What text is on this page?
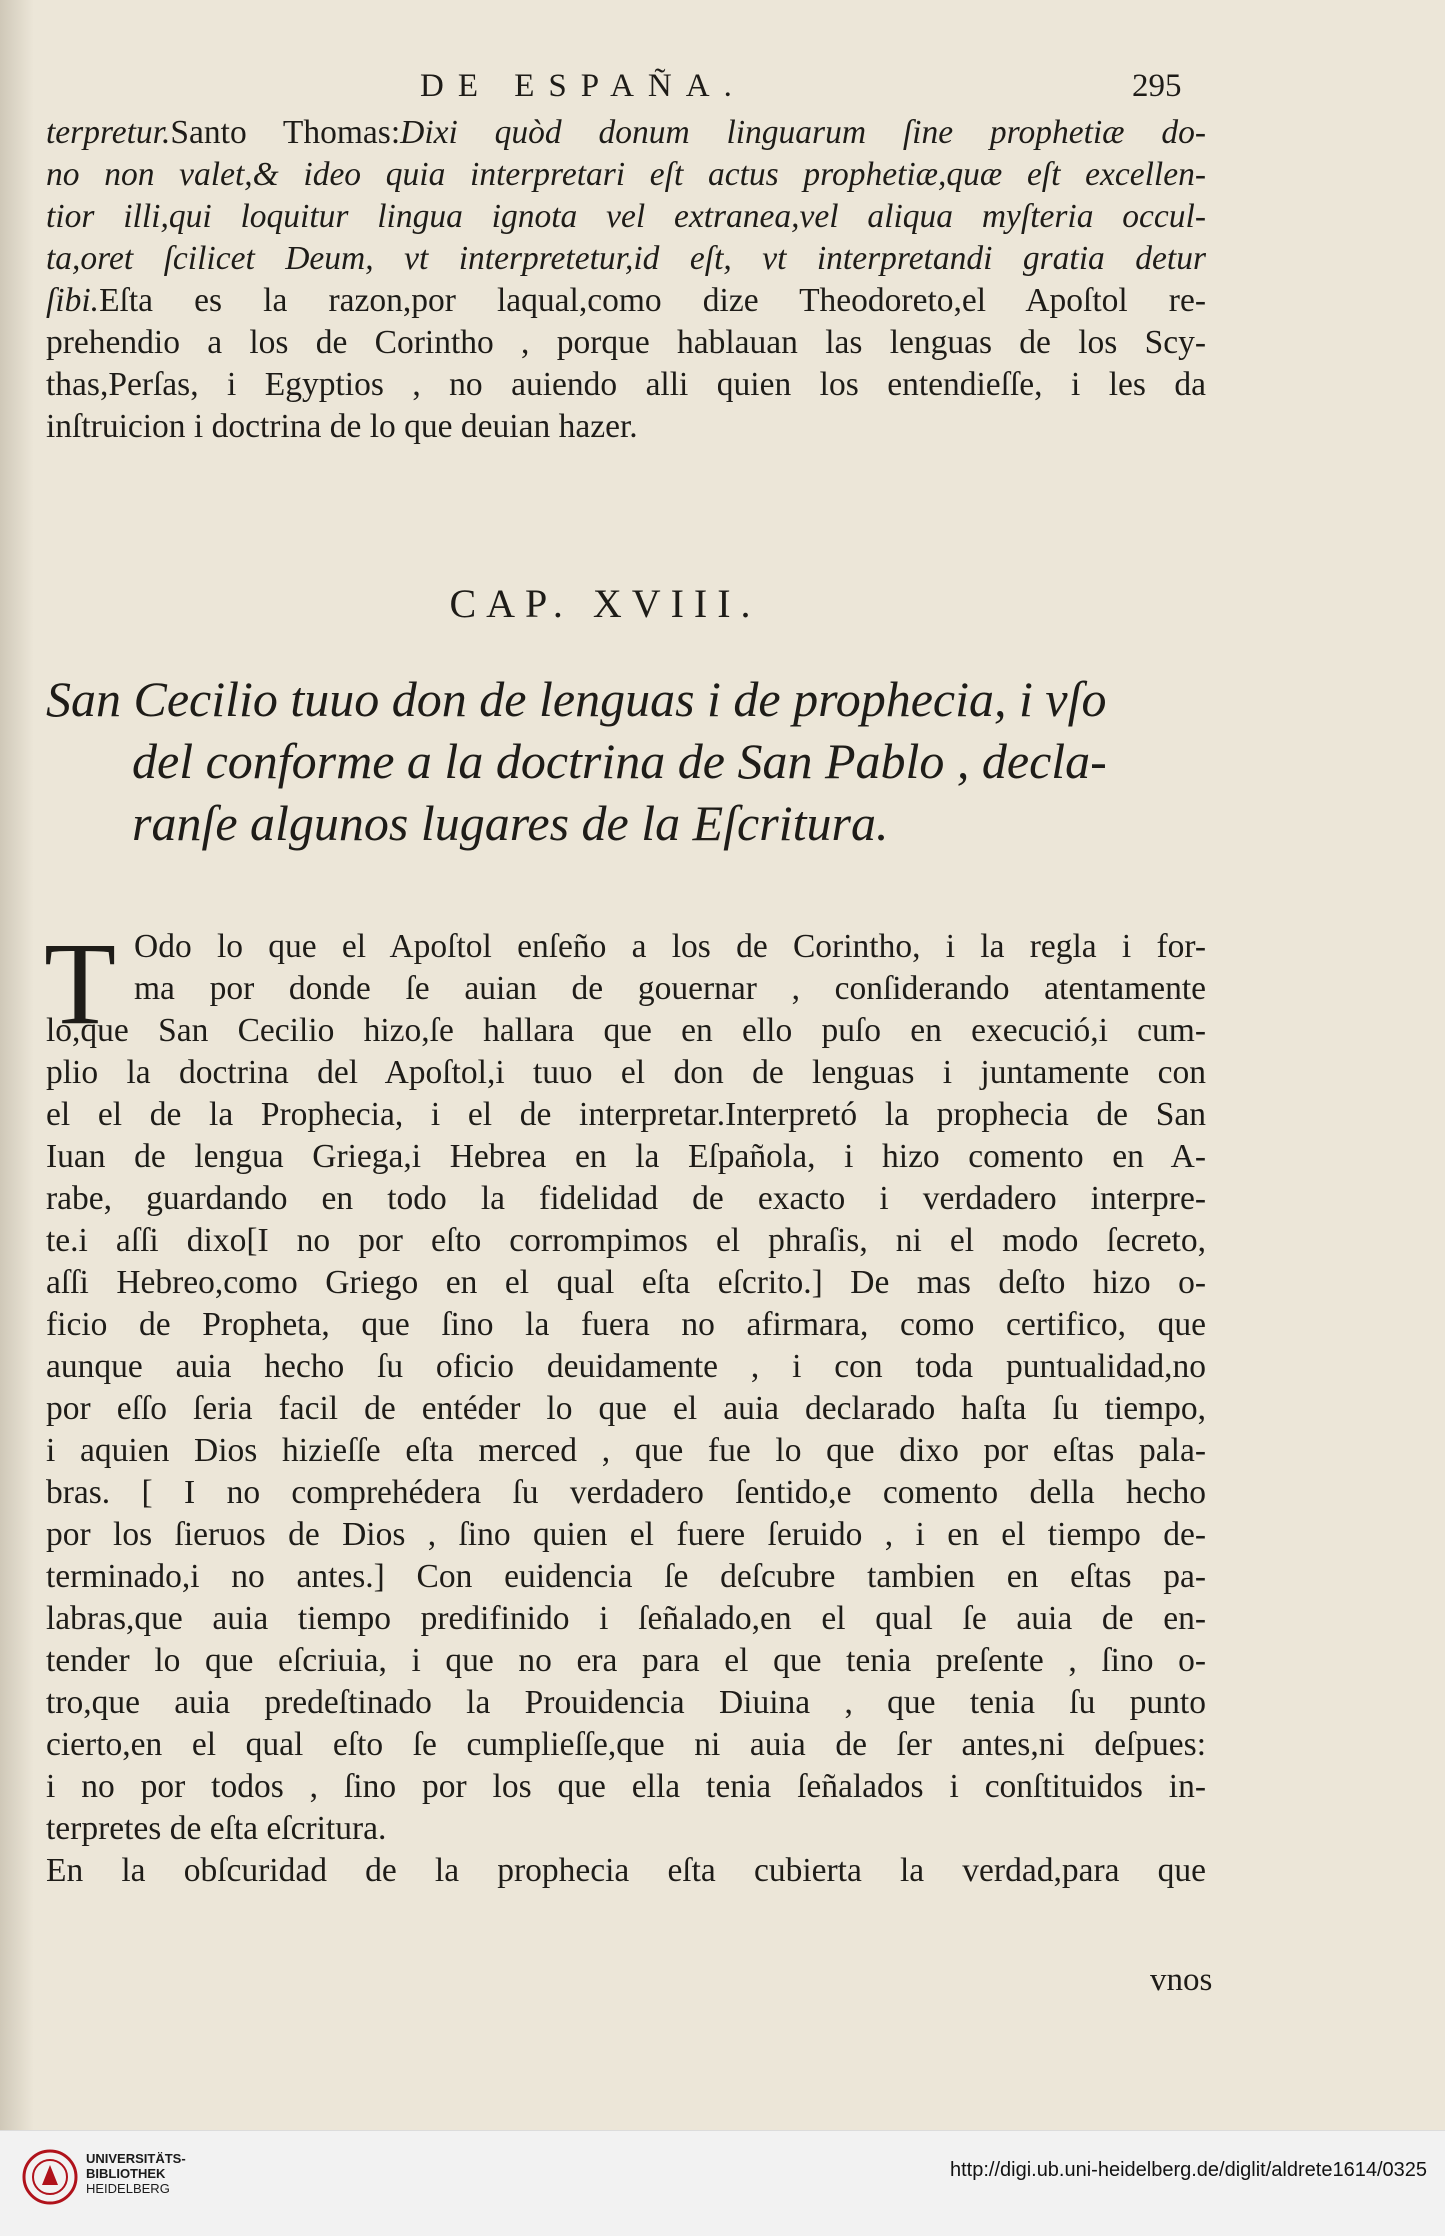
DE ESPAÑA.	295
terpretur.Santo Thomas:Dixi quòd donum linguarum ſine prophetiæ do-
no non valet,& ideo quia interpretari eſt actus prophetiæ,quæ eſt excellen-
tior illi,qui loquitur lingua ignota vel extranea,vel aliqua myſteria occul-
ta,oret ſcilicet Deum, vt interpretetur,id eſt, vt interpretandi gratia detur
ſibi.Eſta es la razon,por laqual,como dize Theodoreto,el Apoſtol re-
prehendio a los de Corintho , porque hablauan las lenguas de los Scy-
thas,Perſas, i Egyptios , no auiendo alli quien los entendieſſe, i les da
inſtruicion i doctrina de lo que deuian hazer.
CAP. XVIII.
San Cecilio tuuo don de lenguas i de prophecia, i vſo
del conforme a la doctrina de San Pablo , decla-
ranſe algunos lugares de la Eſcritura.
T Odo lo que el Apoſtol enſeño a los de Corintho, i la regla i for-
ma por donde ſe auian de gouernar , conſiderando atentamente
lo,que San Cecilio hizo,ſe hallara que en ello puſo en execució,i cum-
plio la doctrina del Apoſtol,i tuuo el don de lenguas i juntamente con
el el de la Prophecia, i el de interpretar.Interpretó la prophecia de San
Iuan de lengua Griega,i Hebrea en la Eſpañola, i hizo comento en A-
rabe, guardando en todo la fidelidad de exacto i verdadero interpre-
te.i aſſi dixo[I no por eſto corrompimos el phraſis, ni el modo ſecreto,
aſſi Hebreo,como Griego en el qual eſta eſcrito.] De mas deſto hizo o-
ficio de Propheta, que ſino la fuera no afirmara, como certifico, que
aunque auia hecho ſu oficio deuidamente , i con toda puntualidad,no
por eſſo ſeria facil de entéder lo que el auia declarado haſta ſu tiempo,
i aquien Dios hizieſſe eſta merced , que fue lo que dixo por eſtas pala-
bras. [ I no comprehédera ſu verdadero ſentido,e comento della hecho
por los ſieruos de Dios , ſino quien el fuere ſeruido , i en el tiempo de-
terminado,i no antes.] Con euidencia ſe deſcubre tambien en eſtas pa-
labras,que auia tiempo predifinido i ſeñalado,en el qual ſe auia de en-
tender lo que eſcriuia, i que no era para el que tenia preſente , ſino o-
tro,que auia predeſtinado la Prouidencia Diuina , que tenia ſu punto
cierto,en el qual eſto ſe cumplieſſe,que ni auia de ſer antes,ni deſpues:
i no por todos , ſino por los que ella tenia ſeñalados i conſtituidos in-
terpretes de eſta eſcritura.
En la obſcuridad de la prophecia eſta cubierta la verdad,para que
vnos
UNIVERSITÄTS-
BIBLIOTHEK
HEIDELBERG
http://digi.ub.uni-heidelberg.de/diglit/aldrete1614/0325
